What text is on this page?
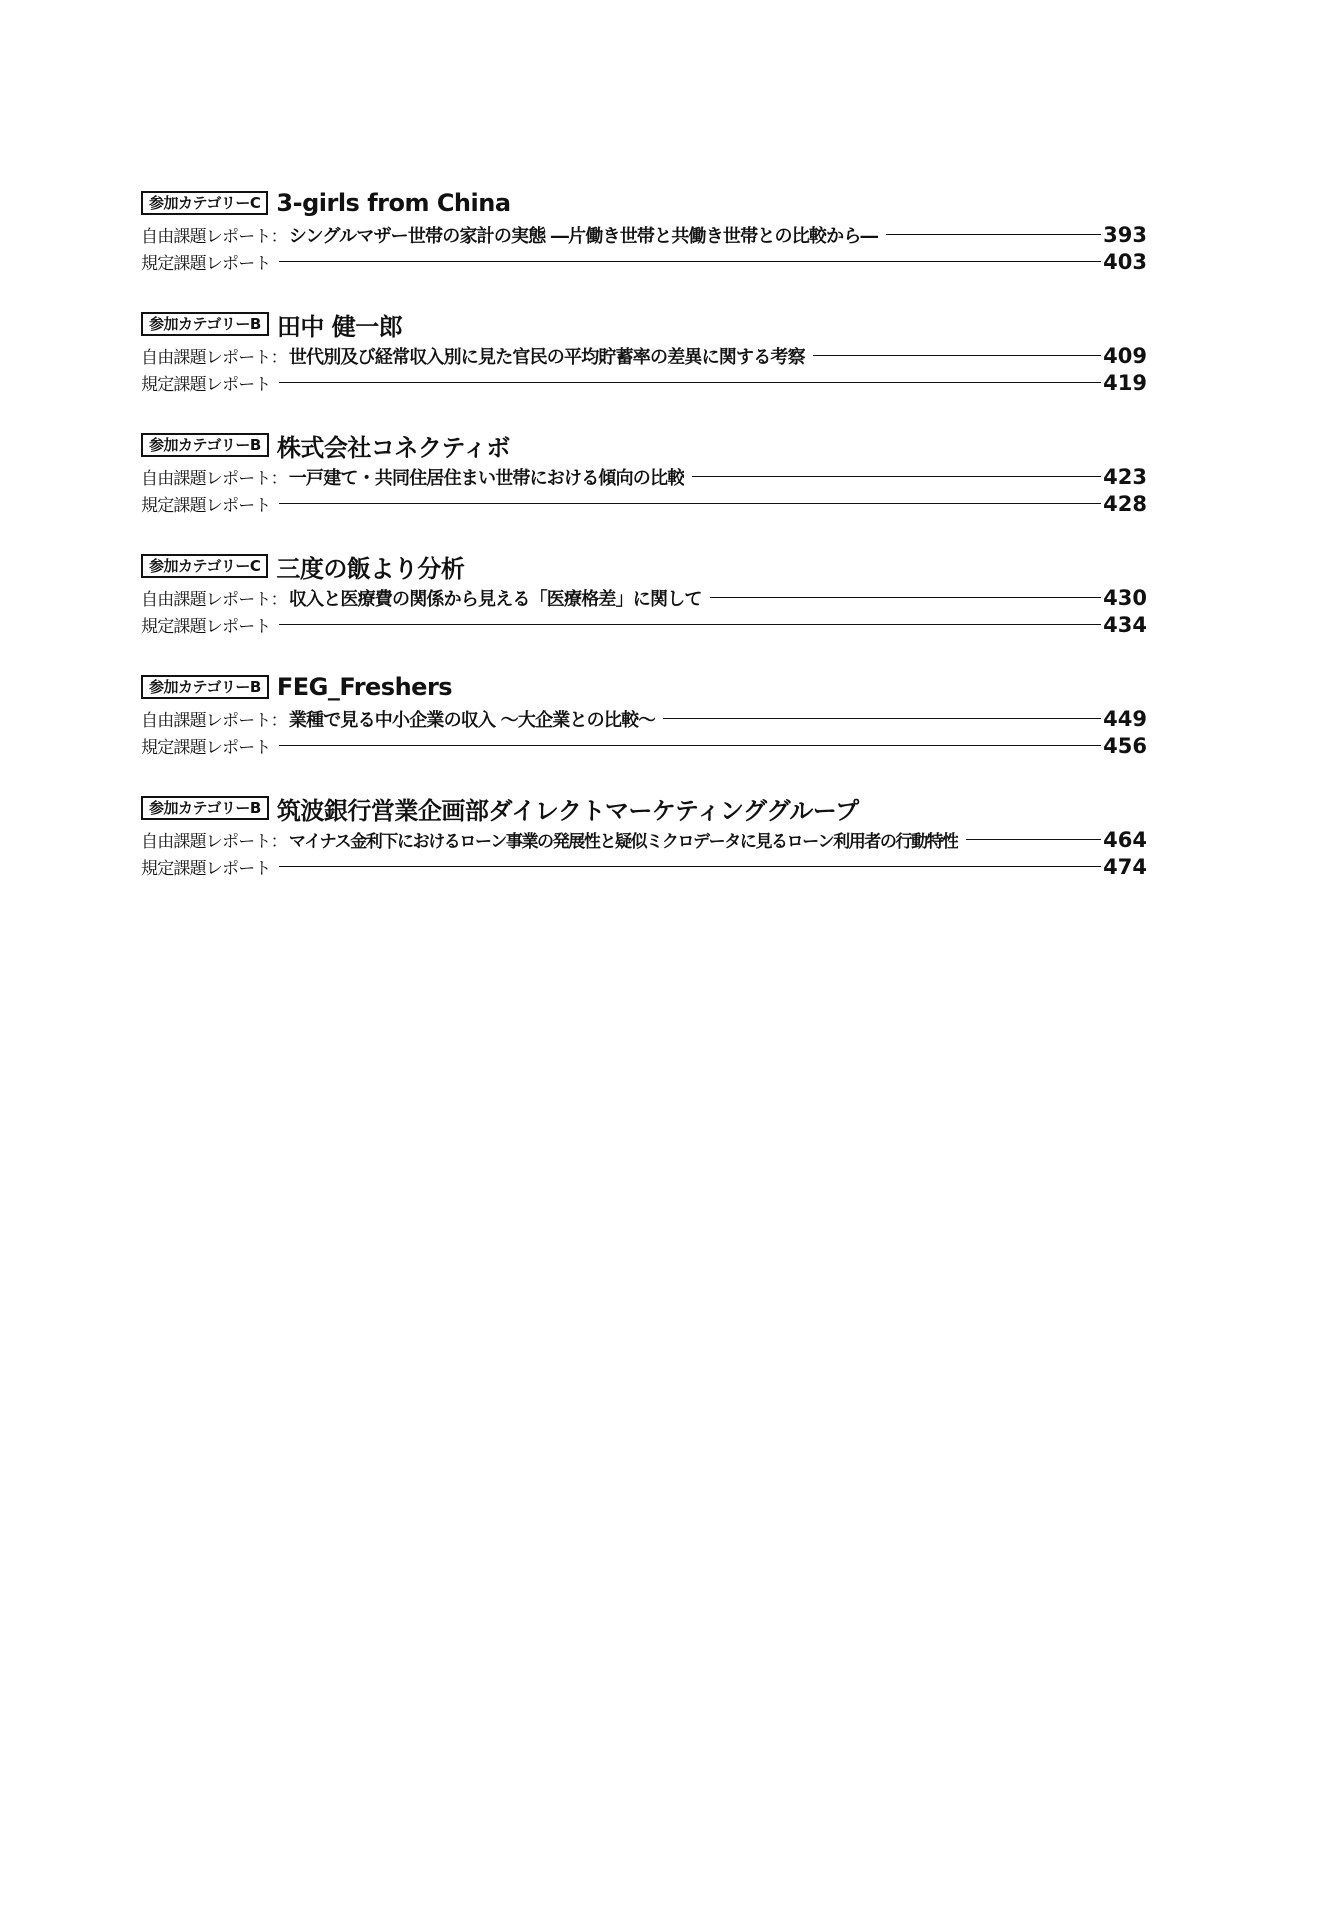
参加カテゴリーC 3-girls from China
自由課題レポート： シングルマザー世帯の家計の実態 ―片働き世帯と共働き世帯との比較から―	393
規定課題レポート	403
参加カテゴリーB 田中 健一郎
自由課題レポート： 世代別及び経常収入別に見た官民の平均貯蓄率の差異に関する考察	409
規定課題レポート	419
参加カテゴリーB 株式会社コネクティボ
自由課題レポート： 一戸建て・共同住居住まい世帯における傾向の比較	423
規定課題レポート	428
参加カテゴリーC 三度の飯より分析
自由課題レポート： 収入と医療費の関係から見える「医療格差」に関して	430
規定課題レポート	434
参加カテゴリーB FEG_Freshers
自由課題レポート： 業種で見る中小企業の収入 ～大企業との比較～	449
規定課題レポート	456
参加カテゴリーB 筑波銀行営業企画部ダイレクトマーケティンググループ
自由課題レポート： マイナス金利下におけるローン事業の発展性と疑似ミクロデータに見るローン利用者の行動特性	464
規定課題レポート	474
